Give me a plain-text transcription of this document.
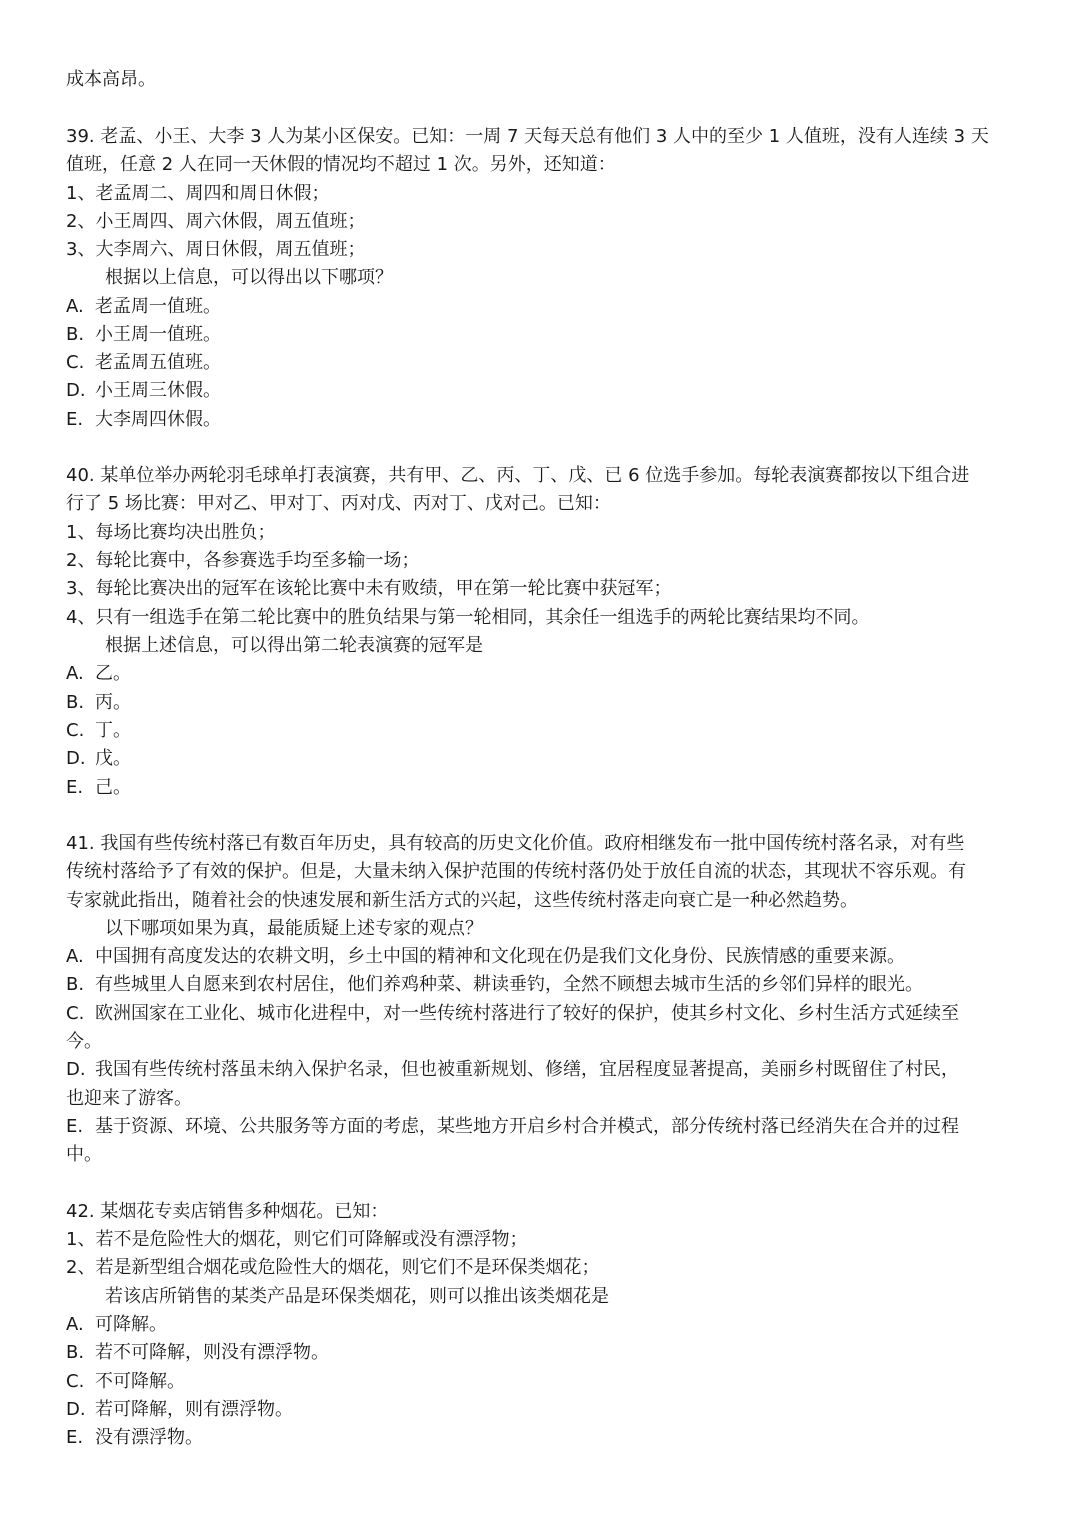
成本高昂。
39. 老孟、小王、大李 3 人为某小区保安。已知：一周 7 天每天总有他们 3 人中的至少 1 人值班，没有人连续 3 天
值班，任意 2 人在同一天休假的情况均不超过 1 次。另外，还知道：
1、老孟周二、周四和周日休假；
2、小王周四、周六休假，周五值班；
3、大李周六、周日休假，周五值班；
根据以上信息，可以得出以下哪项？
A. 老孟周一值班。
B. 小王周一值班。
C. 老孟周五值班。
D. 小王周三休假。
E. 大李周四休假。
40. 某单位举办两轮羽毛球单打表演赛，共有甲、乙、丙、丁、戊、已 6 位选手参加。每轮表演赛都按以下组合进
行了 5 场比赛：甲对乙、甲对丁、丙对戊、丙对丁、戊对己。已知：
1、每场比赛均决出胜负；
2、每轮比赛中，各参赛选手均至多输一场；
3、每轮比赛决出的冠军在该轮比赛中未有败绩，甲在第一轮比赛中获冠军；
4、只有一组选手在第二轮比赛中的胜负结果与第一轮相同，其余任一组选手的两轮比赛结果均不同。
根据上述信息，可以得出第二轮表演赛的冠军是
A. 乙。
B. 丙。
C. 丁。
D. 戊。
E. 己。
41. 我国有些传统村落已有数百年历史，具有较高的历史文化价值。政府相继发布一批中国传统村落名录，对有些
传统村落给予了有效的保护。但是，大量未纳入保护范围的传统村落仍处于放任自流的状态，其现状不容乐观。有
专家就此指出，随着社会的快速发展和新生活方式的兴起，这些传统村落走向衰亡是一种必然趋势。
以下哪项如果为真，最能质疑上述专家的观点？
A. 中国拥有高度发达的农耕文明，乡土中国的精神和文化现在仍是我们文化身份、民族情感的重要来源。
B. 有些城里人自愿来到农村居住，他们养鸡种菜、耕读垂钓，全然不顾想去城市生活的乡邻们异样的眼光。
C. 欧洲国家在工业化、城市化进程中，对一些传统村落进行了较好的保护，使其乡村文化、乡村生活方式延续至
今。
D. 我国有些传统村落虽未纳入保护名录，但也被重新规划、修缮，宜居程度显著提高，美丽乡村既留住了村民，
也迎来了游客。
E. 基于资源、环境、公共服务等方面的考虑，某些地方开启乡村合并模式，部分传统村落已经消失在合并的过程
中。
42. 某烟花专卖店销售多种烟花。已知：
1、若不是危险性大的烟花，则它们可降解或没有漂浮物；
2、若是新型组合烟花或危险性大的烟花，则它们不是环保类烟花；
若该店所销售的某类产品是环保类烟花，则可以推出该类烟花是
A. 可降解。
B. 若不可降解，则没有漂浮物。
C. 不可降解。
D. 若可降解，则有漂浮物。
E. 没有漂浮物。
